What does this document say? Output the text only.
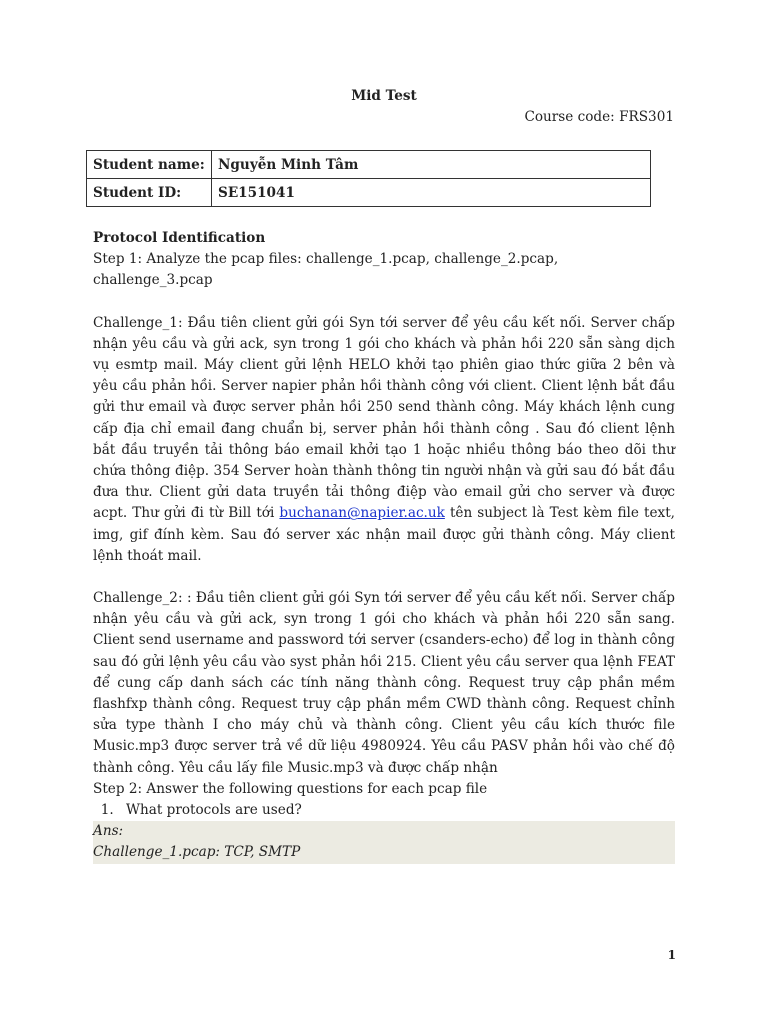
Mid Test
Course code: FRS301
Student name:	Nguyễn Minh Tâm
Student ID:	SE151041

Protocol Identification

Step 1: Analyze the pcap files: challenge_1.pcap, challenge_2.pcap, challenge_3.pcap

Challenge_1: Đầu tiên client gửi gói Syn tới server để yêu cầu kết nối. Server chấp nhận yêu cầu và gửi ack, syn trong 1 gói cho khách và phản hồi 220 sẵn sàng dịch vụ esmtp mail. Máy client gửi lệnh HELO khởi tạo phiên giao thức giữa 2 bên và yêu cầu phản hồi. Server napier phản hồi thành công với client. Client lệnh bắt đầu gửi thư email và được server phản hồi 250 send thành công. Máy khách lệnh cung cấp địa chỉ email đang chuẩn bị, server phản hồi thành công . Sau đó client lệnh bắt đầu truyền tải thông báo email khởi tạo 1 hoặc nhiều thông báo theo dõi thư chứa thông điệp. 354 Server hoàn thành thông tin người nhận và gửi sau đó bắt đầu đưa thư. Client gửi data truyền tải thông điệp vào email gửi cho server và được acpt. Thư gửi đi từ Bill tới buchanan@napier.ac.uk tên subject là Test kèm file text, img, gif đính kèm. Sau đó server xác nhận mail được gửi thành công. Máy client lệnh thoát mail.

Challenge_2: : Đầu tiên client gửi gói Syn tới server để yêu cầu kết nối. Server chấp nhận yêu cầu và gửi ack, syn trong 1 gói cho khách và phản hồi 220 sẵn sang. Client send username and password tới server (csanders-echo) để log in thành công sau đó gửi lệnh yêu cầu vào syst phản hồi 215. Client yêu cầu server qua lệnh FEAT để cung cấp danh sách các tính năng thành công. Request truy cập phần mềm flashfxp thành công. Request truy cập phần mềm CWD thành công. Request chỉnh sửa type thành I cho máy chủ và thành công. Client yêu cầu kích thước file Music.mp3 được server trả về dữ liệu 4980924. Yêu cầu PASV phản hồi vào chế độ thành công. Yêu cầu lấy file Music.mp3 và được chấp nhận

Step 2: Answer the following questions for each pcap file

1. What protocols are used?

Ans:

Challenge_1.pcap: TCP, SMTP

1
